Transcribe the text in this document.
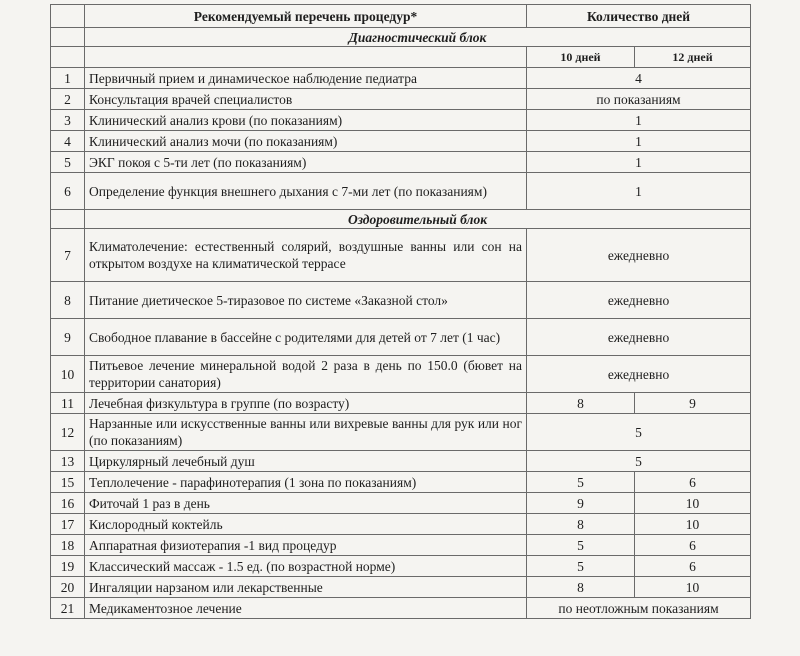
	Рекомендуемый перечень процедур*	Количество дней	
	Диагностический блок		
		10 дней	12 дней
1	Первичный прием и динамическое наблюдение педиатра	4	
2	Консультация врачей специалистов	по показаниям	
3	Клинический анализ крови (по показаниям)	1	
4	Клинический анализ мочи (по показаниям)	1	
5	ЭКГ покоя с 5-ти лет (по показаниям)	1	
6	Определение функция внешнего дыхания с 7-ми лет (по показаниям)	1	
	Оздоровительный блок		
7	Климатолечение: естественный солярий, воздушные ванны или сон на открытом воздухе на климатической террасе	ежедневно	
8	Питание диетическое 5-тиразовое по системе «Заказной стол»	ежедневно	
9	Свободное плавание в бассейне с родителями для детей от 7 лет (1 час)	ежедневно	
10	Питьевое лечение минеральной водой 2 раза в день по 150.0 (бювет на территории санатория)	ежедневно	
11	Лечебная физкультура в группе (по возрасту)	8	9
12	Нарзанные или искусственные ванны или вихревые ванны для рук или ног (по показаниям)	5	
13	Циркулярный лечебный душ	5	
15	Теплолечение - парафинотерапия (1 зона по показаниям)	5	6
16	Фиточай 1 раз в день	9	10
17	Кислородный коктейль	8	10
18	Аппаратная физиотерапия -1 вид процедур	5	6
19	Классический массаж - 1.5 ед. (по возрастной норме)	5	6
20	Ингаляции нарзаном или лекарственные	8	10
21	Медикаментозное лечение	по неотложным показаниям	
